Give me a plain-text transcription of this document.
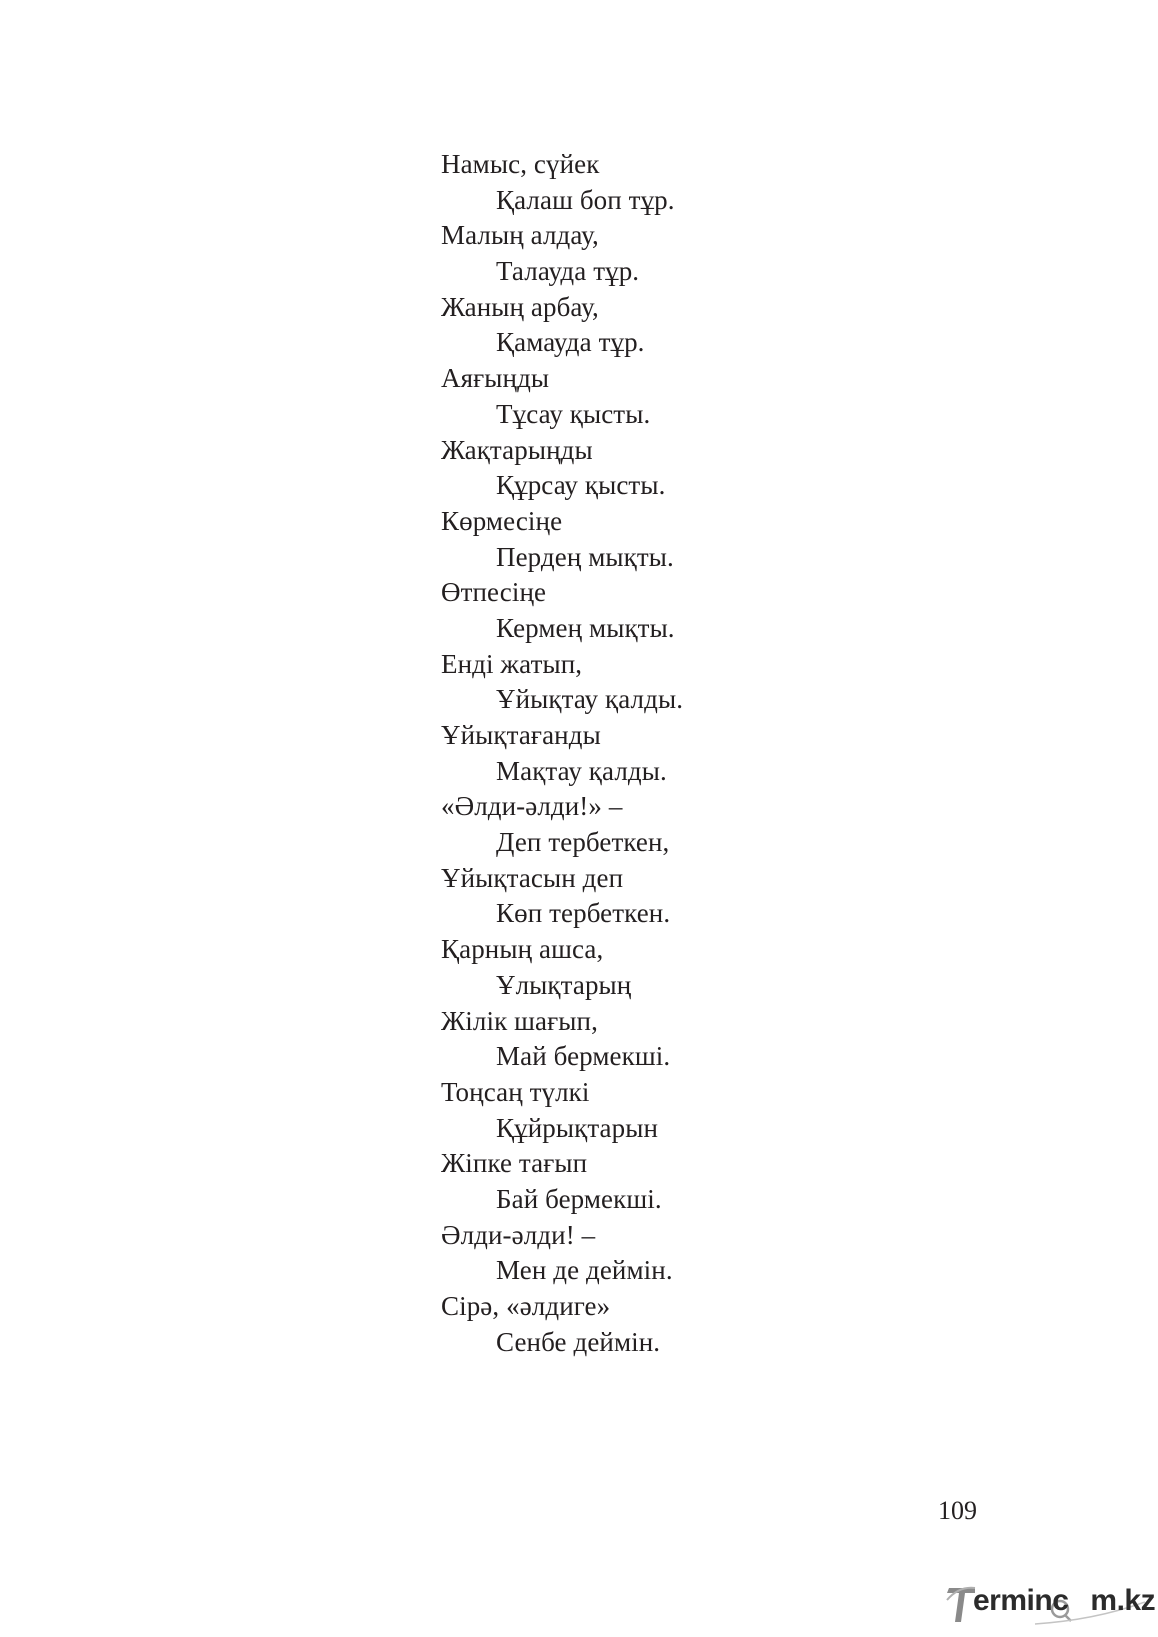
Намыс, сүйек
Қалаш боп тұр.
Малың алдау,
Талауда тұр.
Жаның арбау,
Қамауда тұр.
Аяғыңды
Тұсау қысты.
Жақтарыңды
Құрсау қысты.
Көрмесіңе
Пердең мықты.
Өтпесіңе
Кермең мықты.
Енді жатып,
Ұйықтау қалды.
Ұйықтағанды
Мақтау қалды.
«Әлди-әлди!» –
Деп тербеткен,
Ұйықтасын деп
Көп тербеткен.
Қарның ашса,
Ұлықтарың
Жілік шағып,
Май бермекші.
Тоңсаң түлкі
Құйрықтарын
Жіпке тағып
Бай бермекші.
Әлди-әлди! –
Мен де деймін.
Сірә, «әлдиге»
Сенбе деймін.
109
erminc m.kz
